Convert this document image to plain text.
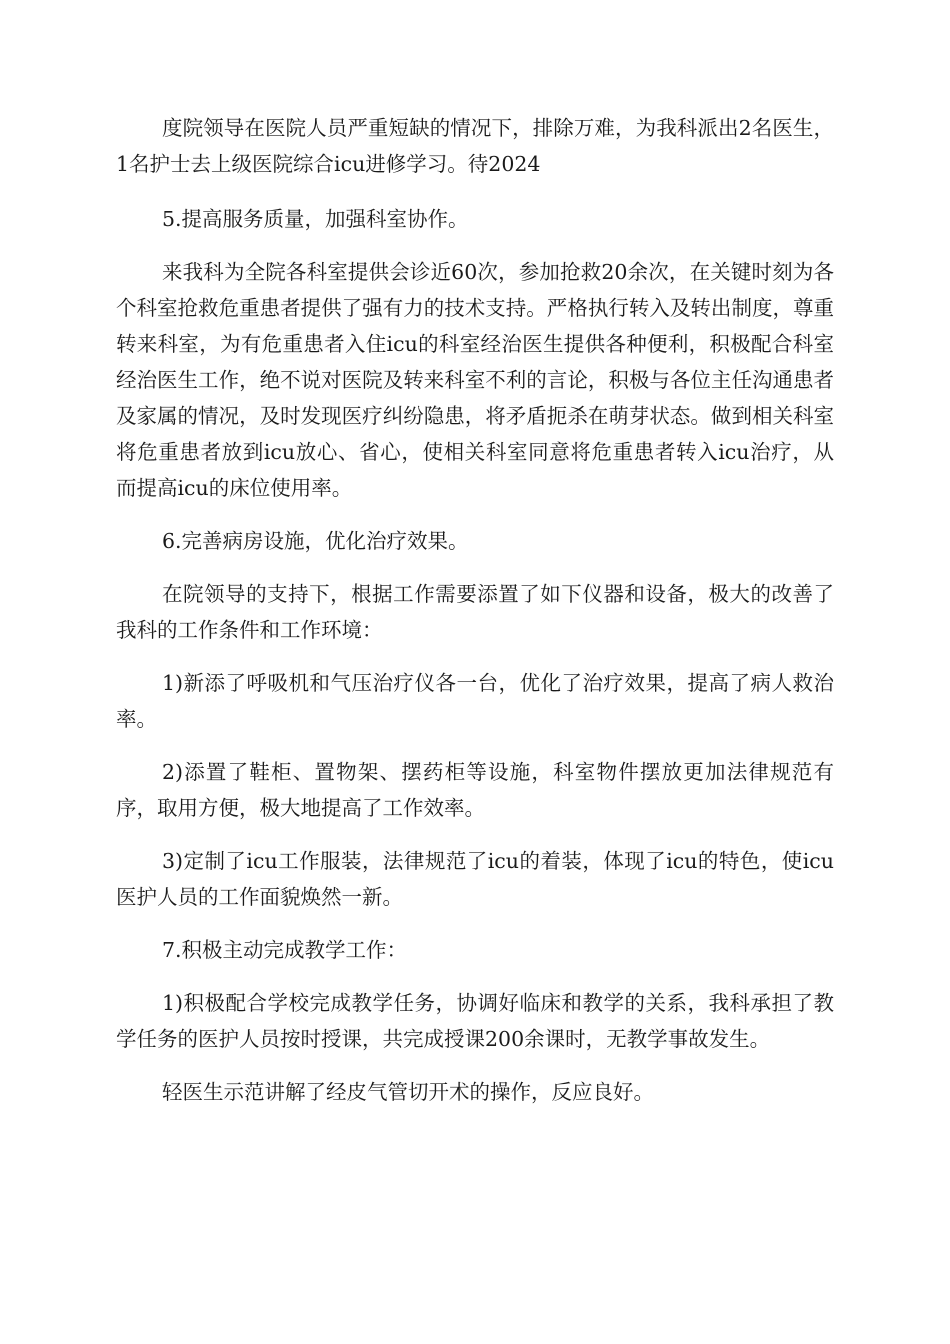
度院领导在医院人员严重短缺的情况下，排除万难，为我科派出2名医生，1名护士去上级医院综合icu进修学习。待2024

5.提高服务质量，加强科室协作。

来我科为全院各科室提供会诊近60次，参加抢救20余次，在关键时刻为各个科室抢救危重患者提供了强有力的技术支持。严格执行转入及转出制度，尊重转来科室，为有危重患者入住icu的科室经治医生提供各种便利，积极配合科室经治医生工作，绝不说对医院及转来科室不利的言论，积极与各位主任沟通患者及家属的情况，及时发现医疗纠纷隐患，将矛盾扼杀在萌芽状态。做到相关科室将危重患者放到icu放心、省心，使相关科室同意将危重患者转入icu治疗，从而提高icu的床位使用率。

6.完善病房设施，优化治疗效果。

在院领导的支持下，根据工作需要添置了如下仪器和设备，极大的改善了我科的工作条件和工作环境：

1)新添了呼吸机和气压治疗仪各一台，优化了治疗效果，提高了病人救治率。

2)添置了鞋柜、置物架、摆药柜等设施，科室物件摆放更加法律规范有序，取用方便，极大地提高了工作效率。

3)定制了icu工作服装，法律规范了icu的着装，体现了icu的特色，使icu医护人员的工作面貌焕然一新。

7.积极主动完成教学工作：

1)积极配合学校完成教学任务，协调好临床和教学的关系，我科承担了教学任务的医护人员按时授课，共完成授课200余课时，无教学事故发生。

轻医生示范讲解了经皮气管切开术的操作，反应良好。
